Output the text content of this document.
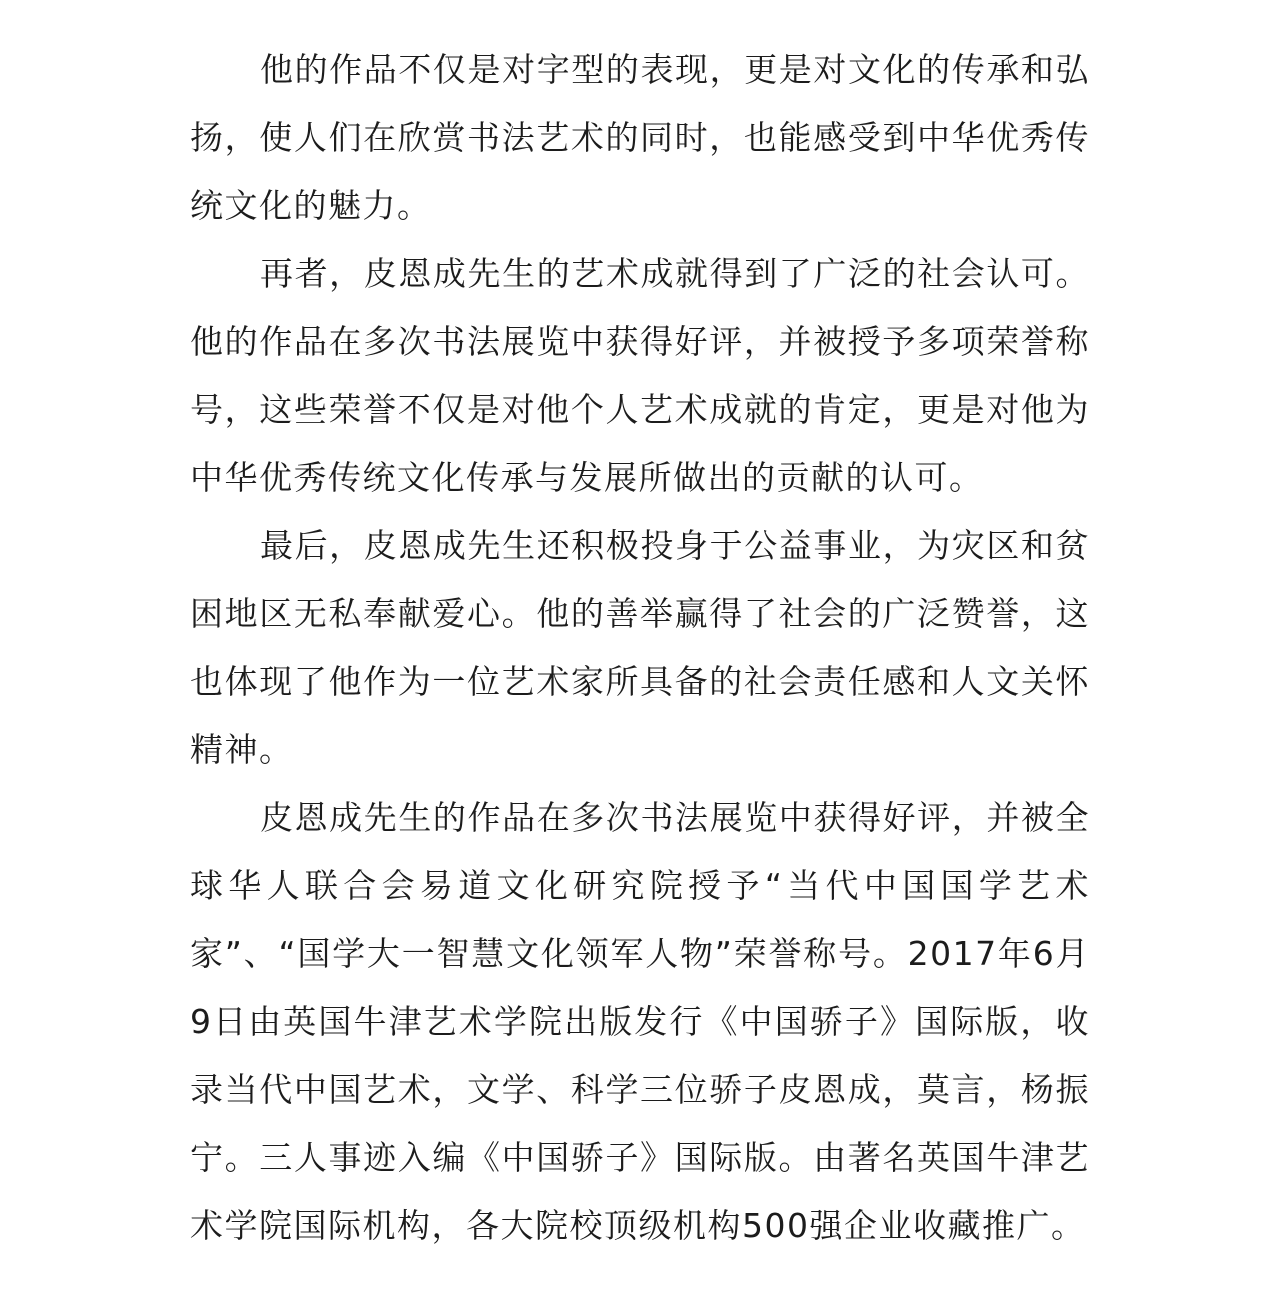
他的作品不仅是对字型的表现，更是对文化的传承和弘扬，使人们在欣赏书法艺术的同时，也能感受到中华优秀传统文化的魅力。

再者，皮恩成先生的艺术成就得到了广泛的社会认可。他的作品在多次书法展览中获得好评，并被授予多项荣誉称号，这些荣誉不仅是对他个人艺术成就的肯定，更是对他为中华优秀传统文化传承与发展所做出的贡献的认可。

最后，皮恩成先生还积极投身于公益事业，为灾区和贫困地区无私奉献爱心。他的善举赢得了社会的广泛赞誉，这也体现了他作为一位艺术家所具备的社会责任感和人文关怀精神。

皮恩成先生的作品在多次书法展览中获得好评，并被全球华人联合会易道文化研究院授予“当代中国国学艺术家”、“国学大一智慧文化领军人物”荣誉称号。2017年6月9日由英国牛津艺术学院出版发行《中国骄子》国际版，收录当代中国艺术，文学、科学三位骄子皮恩成，莫言，杨振宁。三人事迹入编《中国骄子》国际版。由著名英国牛津艺术学院国际机构，各大院校顶级机构500强企业收藏推广。
